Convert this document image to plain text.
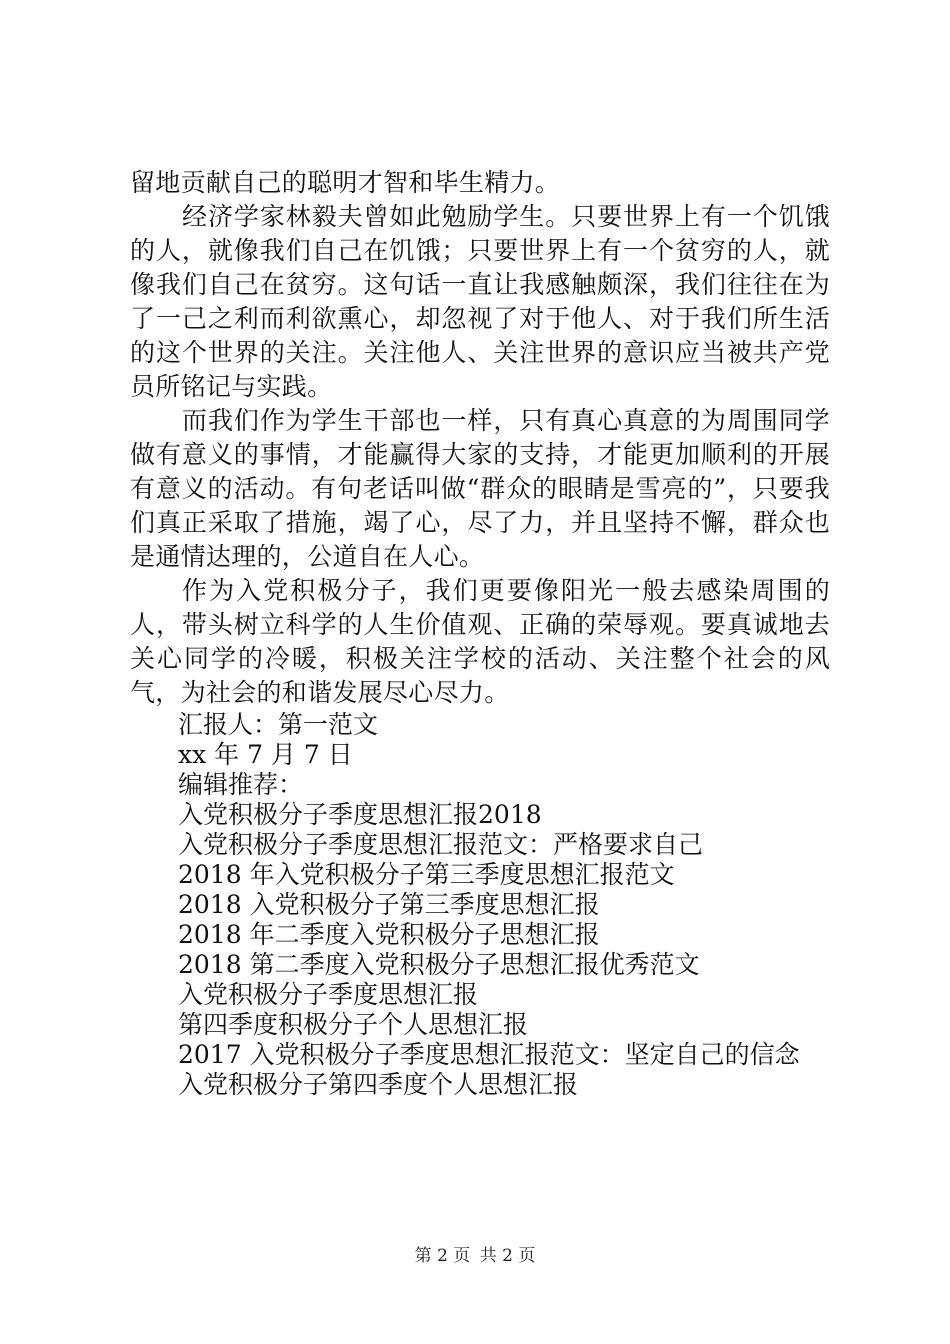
留地贡献自己的聪明才智和毕生精力。

经济学家林毅夫曾如此勉励学生。只要世界上有一个饥饿的人，就像我们自己在饥饿；只要世界上有一个贫穷的人，就像我们自己在贫穷。这句话一直让我感触颇深，我们往往在为了一己之利而利欲熏心，却忽视了对于他人、对于我们所生活的这个世界的关注。关注他人、关注世界的意识应当被共产党员所铭记与实践。

而我们作为学生干部也一样，只有真心真意的为周围同学做有意义的事情，才能赢得大家的支持，才能更加顺利的开展有意义的活动。有句老话叫做“群众的眼睛是雪亮的”，只要我们真正采取了措施，竭了心，尽了力，并且坚持不懈，群众也是通情达理的，公道自在人心。

作为入党积极分子，我们更要像阳光一般去感染周围的人，带头树立科学的人生价值观、正确的荣辱观。要真诚地去关心同学的冷暖，积极关注学校的活动、关注整个社会的风气，为社会的和谐发展尽心尽力。

汇报人：第一范文

xx 年 7 月 7 日

编辑推荐：

入党积极分子季度思想汇报2018
入党积极分子季度思想汇报范文：严格要求自己
2018 年入党积极分子第三季度思想汇报范文
2018 入党积极分子第三季度思想汇报
2018 年二季度入党积极分子思想汇报
2018 第二季度入党积极分子思想汇报优秀范文
入党积极分子季度思想汇报
第四季度积极分子个人思想汇报
2017 入党积极分子季度思想汇报范文：坚定自己的信念
入党积极分子第四季度个人思想汇报
第 2 页 共 2 页
